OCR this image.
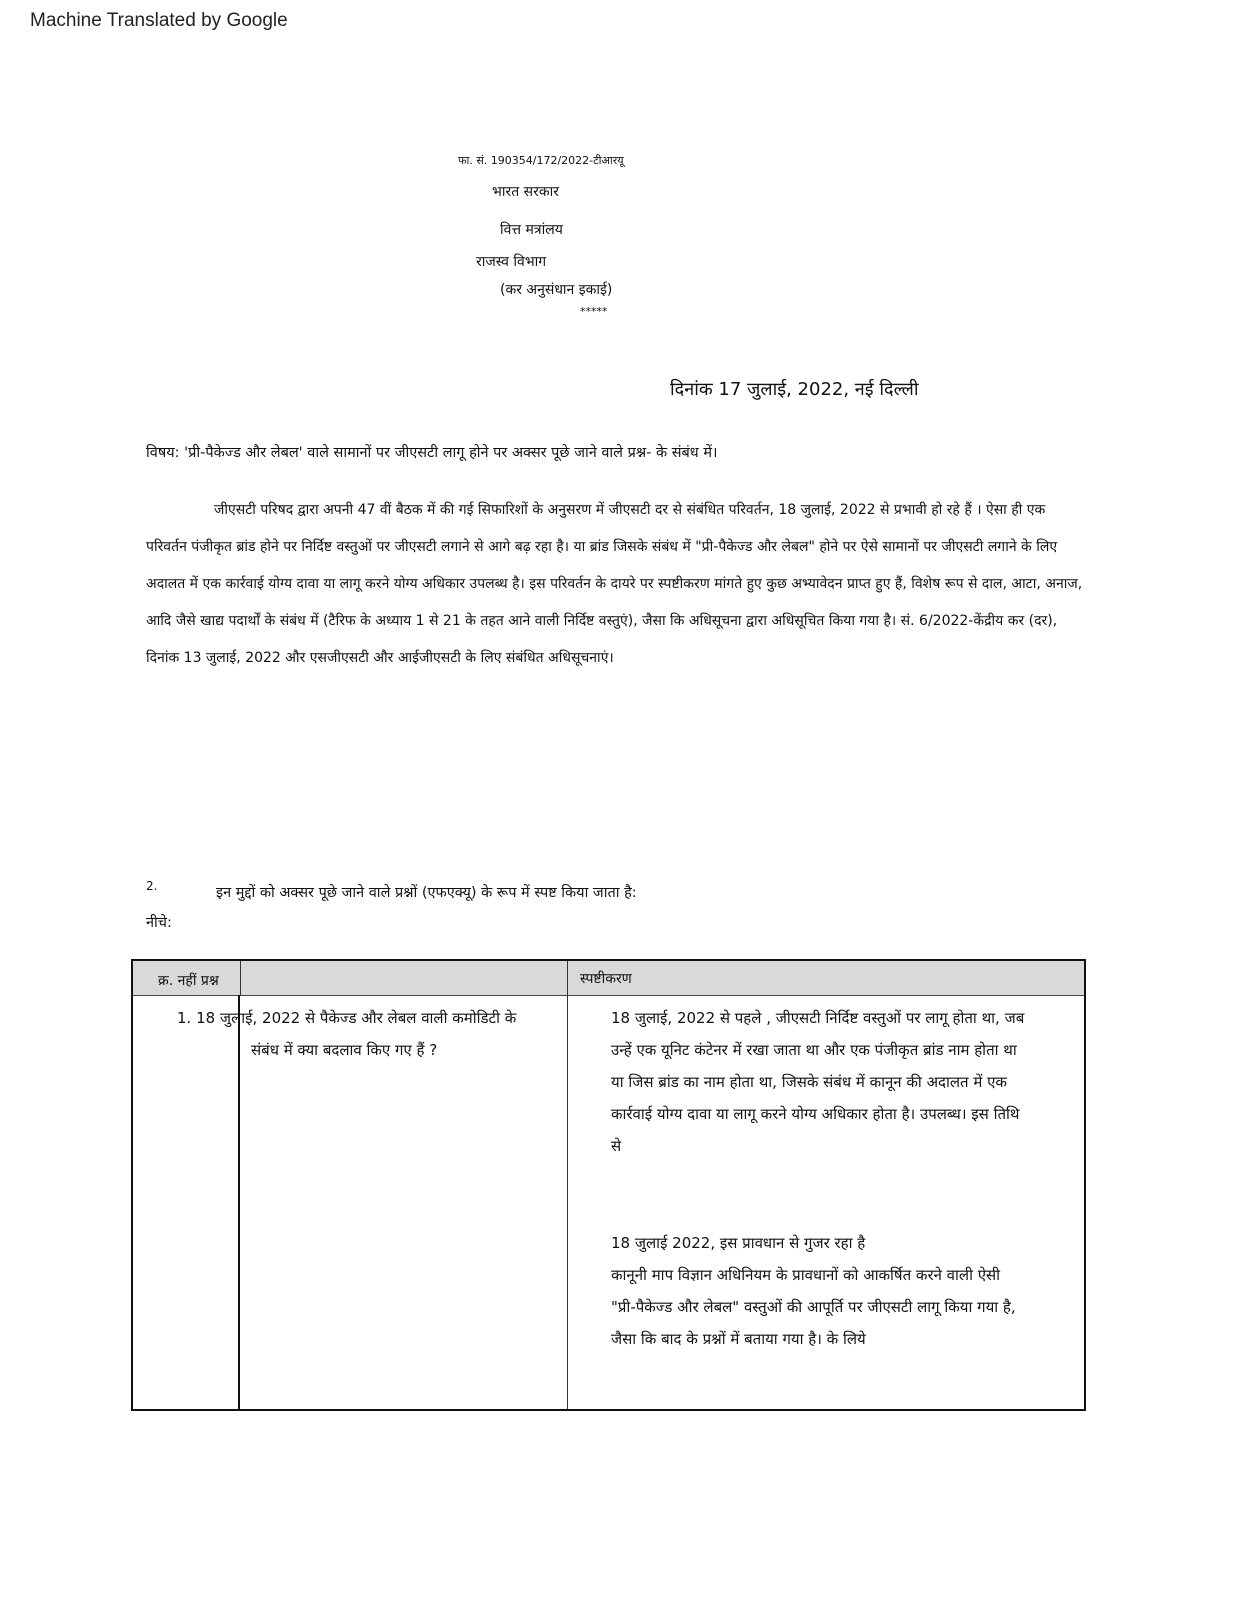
Machine Translated by Google
फा. सं. 190354/172/2022-टीआरयू
भारत सरकार
वित्त मत्रांलय
राजस्व विभाग
(कर अनुसंधान इकाई)
*****
दिनांक 17 जुलाई, 2022, नई दिल्ली
विषय: 'प्री-पैकेज्ड और लेबल' वाले सामानों पर जीएसटी लागू होने पर अक्सर पूछे जाने वाले प्रश्न- के संबंध में।

जीएसटी परिषद द्वारा अपनी 47 वीं बैठक में की गई सिफारिशों के अनुसरण में जीएसटी दर से संबंधित परिवर्तन, 18 जुलाई, 2022 से प्रभावी हो रहे हैं । ऐसा ही एक परिवर्तन पंजीकृत ब्रांड होने पर निर्दिष्ट वस्तुओं पर जीएसटी लगाने से आगे बढ़ रहा है। या ब्रांड जिसके संबंध में "प्री-पैकेज्ड और लेबल" होने पर ऐसे सामानों पर जीएसटी लगाने के लिए अदालत में एक कार्रवाई योग्य दावा या लागू करने योग्य अधिकार उपलब्ध है। इस परिवर्तन के दायरे पर स्पष्टीकरण मांगते हुए कुछ अभ्यावेदन प्राप्त हुए हैं, विशेष रूप से दाल, आटा, अनाज, आदि जैसे खाद्य पदार्थों के संबंध में (टैरिफ के अध्याय 1 से 21 के तहत आने वाली निर्दिष्ट वस्तुएं), जैसा कि अधिसूचना द्वारा अधिसूचित किया गया है। सं. 6/2022-केंद्रीय कर (दर), दिनांक 13 जुलाई, 2022 और एसजीएसटी और आईजीएसटी के लिए संबंधित अधिसूचनाएं।

2.	इन मुद्दों को अक्सर पूछे जाने वाले प्रश्नों (एफएक्यू) के रूप में स्पष्ट किया जाता है:
नीचे:
क्र. नहीं प्रश्न	स्पष्टीकरण
1. 18 जुलाई, 2022 से पैकेज्ड और लेबल वाली कमोडिटी के
संबंध में क्या बदलाव किए गए हैं ?
18 जुलाई, 2022 से पहले , जीएसटी निर्दिष्ट वस्तुओं पर लागू होता था, जब
उन्हें एक यूनिट कंटेनर में रखा जाता था और एक पंजीकृत ब्रांड नाम होता था
या जिस ब्रांड का नाम होता था, जिसके संबंध में कानून की अदालत में एक
कार्रवाई योग्य दावा या लागू करने योग्य अधिकार होता है। उपलब्ध। इस तिथि
से
18 जुलाई 2022, इस प्रावधान से गुजर रहा है
कानूनी माप विज्ञान अधिनियम के प्रावधानों को आकर्षित करने वाली ऐसी
"प्री-पैकेज्ड और लेबल" वस्तुओं की आपूर्ति पर जीएसटी लागू किया गया है,
जैसा कि बाद के प्रश्नों में बताया गया है। के लिये
